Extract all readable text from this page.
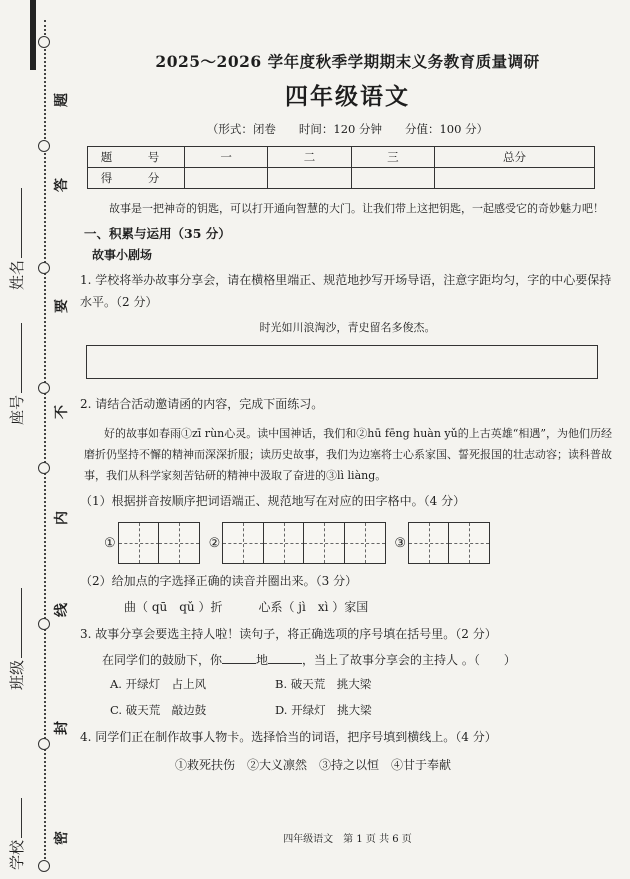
题
答
要
不
内
线
封
密
姓名
座号
班级
学校
2025～2026 学年度秋季学期期末义务教育质量调研
四年级语文
（形式：闭卷　　时间：120 分钟　　分值：100 分）
题　号	一	二	三	总分
得　分				
故事是一把神奇的钥匙，可以打开通向智慧的大门。让我们带上这把钥匙，一起感受它的奇妙魅力吧！
一、积累与运用（35 分）
故事小剧场
1. 学校将举办故事分享会，请在横格里端正、规范地抄写开场导语，注意字距均匀，字的中心要保持水平。（2 分）
时光如川浪淘沙，青史留名多俊杰。
2. 请结合活动邀请函的内容，完成下面练习。
好的故事如春雨①zī rùn心灵。读中国神话，我们和②hū fēng huàn yǔ的上古英雄“相遇”，为他们历经磨折仍坚持不懈的精神而深深折服；读历史故事，我们为边塞将士心系家国、誓死报国的壮志动容；读科普故事，我们从科学家刻苦钻研的精神中汲取了奋进的③lì liàng。
（1）根据拼音按顺序把词语端正、规范地写在对应的田字格中。（4 分）
①	②	③
（2）给加点的字选择正确的读音并圈出来。（3 分）
曲（ qū　qǔ ）折　　　心系（ jì　xì ）家国
3. 故事分享会要选主持人啦！读句子，将正确选项的序号填在括号里。（2 分）
在同学们的鼓励下，你	地	，当上了故事分享会的主持人 。（　　）
A. 开绿灯　占上风	B. 破天荒　挑大梁
C. 破天荒　敲边鼓	D. 开绿灯　挑大梁
4. 同学们正在制作故事人物卡。选择恰当的词语，把序号填到横线上。（4 分）
①救死扶伤　②大义凛然　③持之以恒　④甘于奉献
四年级语文　第 1 页 共 6 页
